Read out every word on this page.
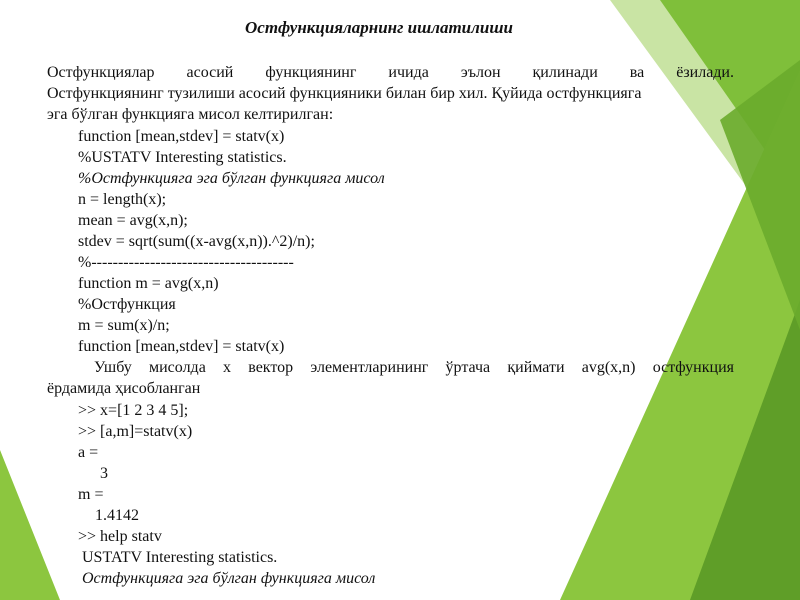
Остфункцияларнинг ишлатилиши
Остфункциялар асосий функциянинг ичида эълон қилинади ва ёзилади.
Остфункциянинг тузилиши асосий функцияники билан бир хил. Қуйида остфункцияга
эга бўлган функцияга мисол келтирилган:
function [mean,stdev] = statv(x)
%USTATV Interesting statistics.
%Остфункцияга эга бўлган функцияга мисол
n = length(x);
mean = avg(x,n);
stdev = sqrt(sum((x-avg(x,n)).^2)/n);
%--------------------------------------
function m = avg(x,n)
%Остфункция
m = sum(x)/n;
function [mean,stdev] = statv(x)
Ушбу мисолда x вектор элементларининг ўртача қиймати avg(x,n) остфункция
ёрдамида ҳисобланган
>> x=[1 2 3 4 5];
>> [a,m]=statv(x)
a =
3
m =
1.4142
>> help statv
USTATV Interesting statistics.
Остфункцияга эга бўлган функцияга мисол
